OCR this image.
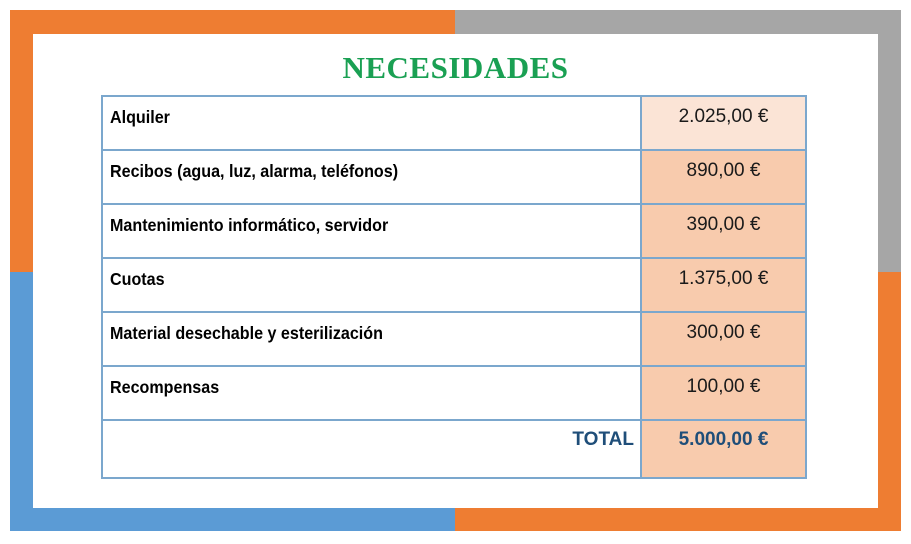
NECESIDADES
Alquiler	2.025,00 €
Recibos (agua, luz, alarma, teléfonos)	890,00 €
Mantenimiento informático, servidor	390,00 €
Cuotas	1.375,00 €
Material desechable y esterilización	300,00 €
Recompensas	100,00 €
TOTAL	5.000,00 €
